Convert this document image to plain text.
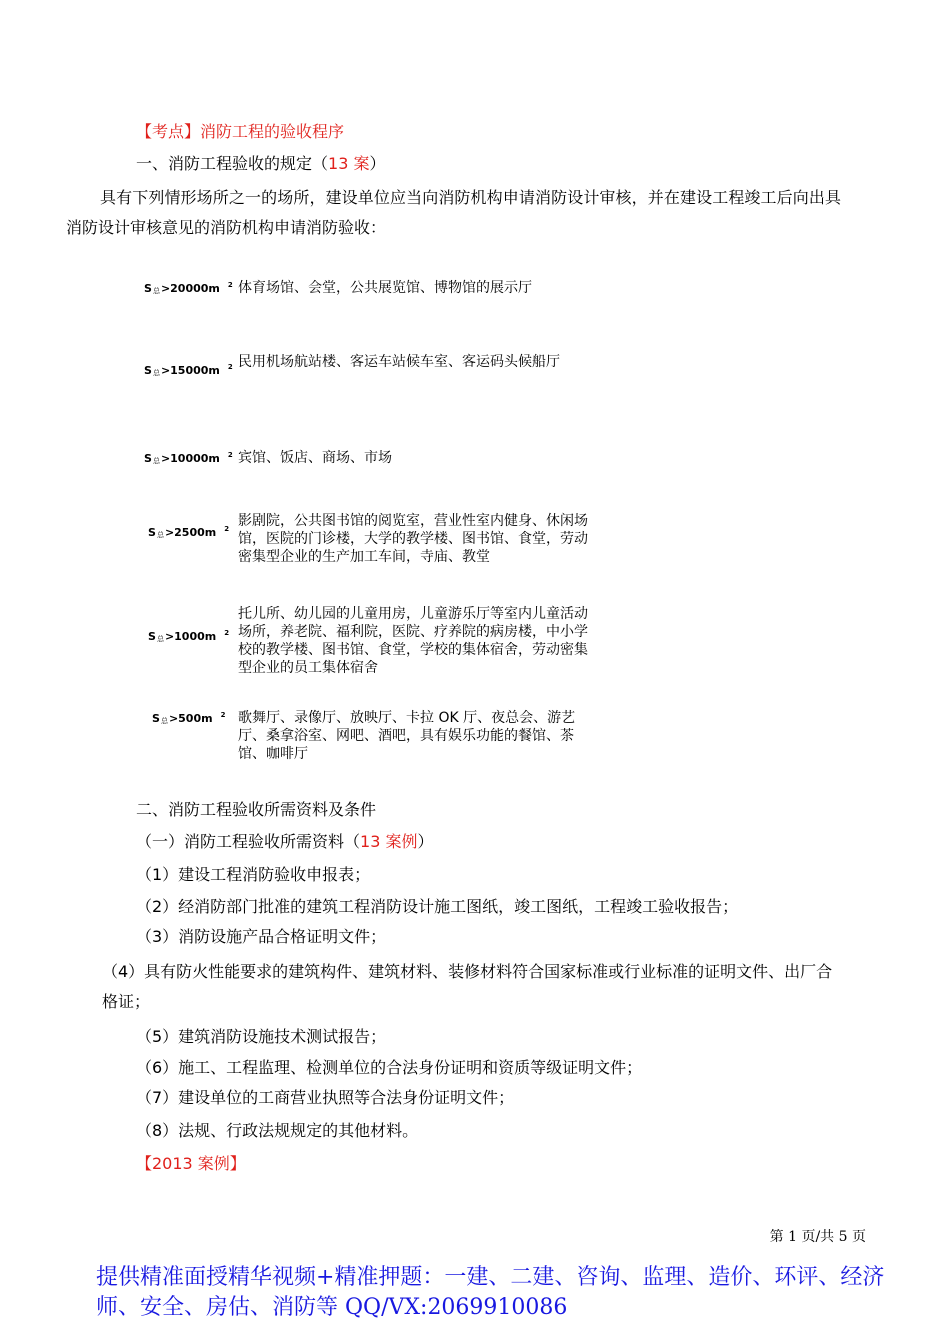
【考点】消防工程的验收程序
一、消防工程验收的规定（13 案）
具有下列情形场所之一的场所，建设单位应当向消防机构申请消防设计审核，并在建设工程竣工后向出具消防设计审核意见的消防机构申请消防验收：
S总>20000m $^2$ 体育场馆、会堂，公共展览馆、博物馆的展示厅
S总>15000m $^2$ 民用机场航站楼、客运车站候车室、客运码头候船厅
S总>10000m $^2$ 宾馆、饭店、商场、市场
S总>2500m $^2$ 影剧院，公共图书馆的阅览室，营业性室内健身、休闲场馆，医院的门诊楼，大学的教学楼、图书馆、食堂，劳动密集型企业的生产加工车间，寺庙、教堂
S总>1000m $^2$
托儿所、幼儿园的儿童用房，儿童游乐厅等室内儿童活动场所，养老院、福利院，医院、疗养院的病房楼，中小学校的教学楼、图书馆、食堂，学校的集体宿舍，劳动密集型企业的员工集体宿舍
S总>500m $^2$ 歌舞厅、录像厅、放映厅、卡拉 OK 厅、夜总会、游艺厅、桑拿浴室、网吧、酒吧，具有娱乐功能的餐馆、茶馆、咖啡厅
二、消防工程验收所需资料及条件
（一）消防工程验收所需资料（13 案例）
（1）建设工程消防验收申报表；
（2）经消防部门批准的建筑工程消防设计施工图纸，竣工图纸，工程竣工验收报告；
（3）消防设施产品合格证明文件；
（4）具有防火性能要求的建筑构件、建筑材料、装修材料符合国家标准或行业标准的证明文件、出厂合格证；
（5）建筑消防设施技术测试报告；
（6）施工、工程监理、检测单位的合法身份证明和资质等级证明文件；
（7）建设单位的工商营业执照等合法身份证明文件；
（8）法规、行政法规规定的其他材料。
【2013 案例】
第 1 页/共 5 页
提供精准面授精华视频+精准押题：一建、二建、咨询、监理、造价、环评、经济师、安全、房估、消防等 QQ/VX:2069910086
